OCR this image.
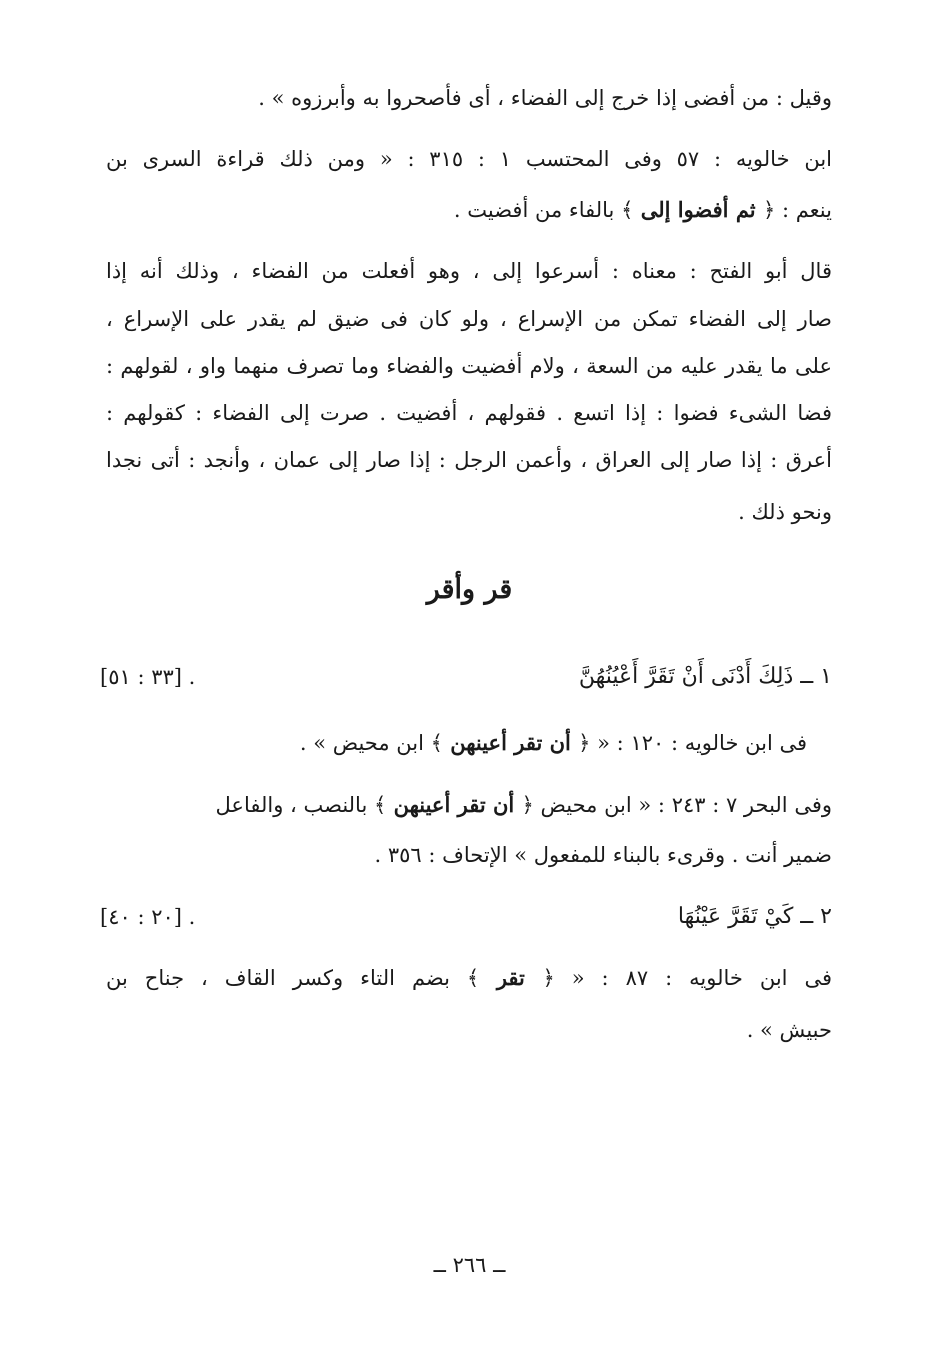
وقيل : من أفضى إذا خرج إلى الفضاء ، أى فأصحروا به وأبرزوه » .
ابن خالويه : ٥٧ وفى المحتسب ١ : ٣١٥ : « ومن ذلك قراءة السرى بن
ينعم : ﴿ ثم أفضوا إلى ﴾ بالفاء من أفضيت .
قال أبو الفتح : معناه : أسرعوا إلى ، وهو أفعلت من الفضاء ، وذلك أنه إذا
صار إلى الفضاء تمكن من الإسراع ، ولو كان فى ضيق لم يقدر على الإسراع ،
على ما يقدر عليه من السعة ، ولام أفضيت والفضاء وما تصرف منهما واو ، لقولهم :
فضا الشىء فضوا : إذا اتسع . فقولهم ، أفضيت . صرت إلى الفضاء : كقولهم :
أعرق : إذا صار إلى العراق ، وأعمن الرجل : إذا صار إلى عمان ، وأنجد : أتى نجدا
ونحو ذلك .
قر وأقر
١ ــ ذَلِكَ أَدْنَى أَنْ تَقَرَّ أَعْيُنُهُنَّ
[٣٣ : ٥١] .
فى ابن خالويه : ١٢٠ : « ﴿ أن تقر أعينهن ﴾ ابن محيض » .
وفى البحر ٧ : ٢٤٣ : « ابن محيض ﴿ أن تقر أعينهن ﴾ بالنصب ، والفاعل
ضمير أنت . وقرىء بالبناء للمفعول » الإتحاف : ٣٥٦ .
٢ ــ كَيْ تَقَرَّ عَيْنُهَا
[٢٠ : ٤٠] .
فى ابن خالويه : ٨٧ : « ﴿ تقر ﴾ بضم التاء وكسر القاف ، جناح بن
حبيش » .
ــ ٢٦٦ ــ
